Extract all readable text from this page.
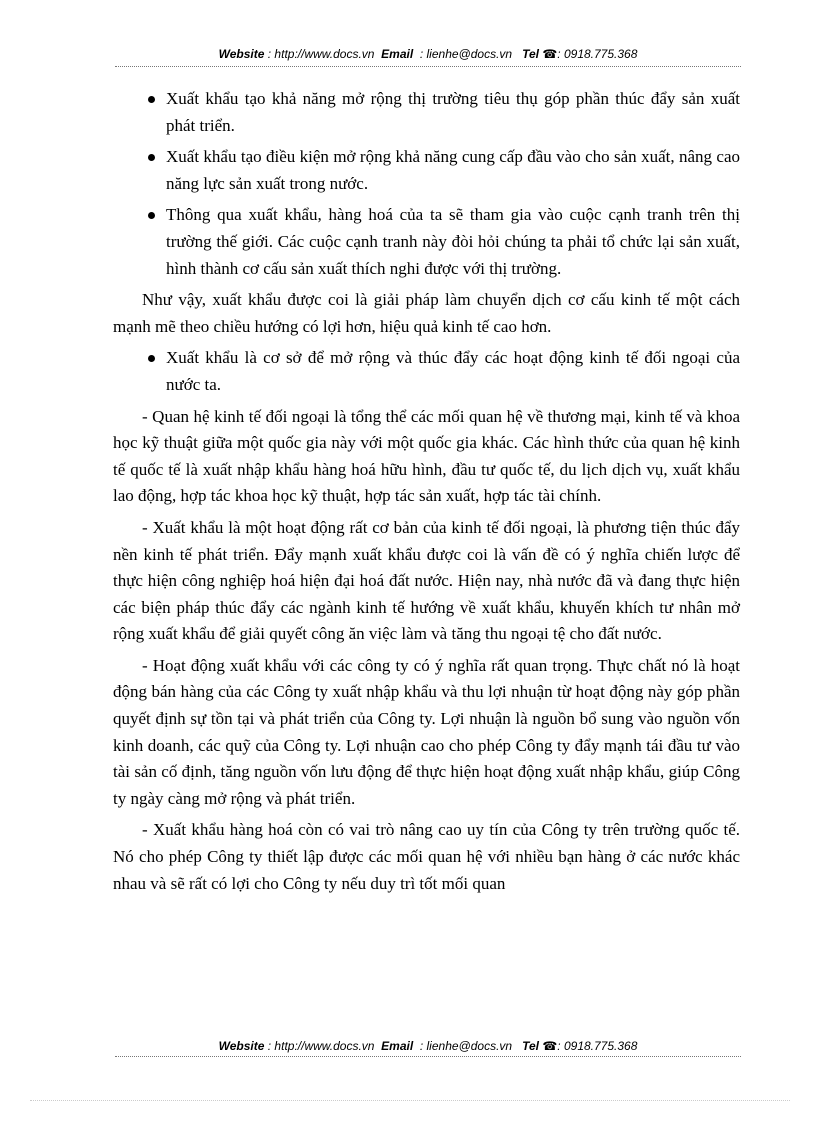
Website : http://www.docs.vn Email : lienhe@docs.vn Tel ☎: 0918.775.368
Xuất khẩu tạo khả năng mở rộng thị trường tiêu thụ góp phần thúc đẩy sản xuất phát triển.
Xuất khẩu tạo điều kiện mở rộng khả năng cung cấp đầu vào cho sản xuất, nâng cao năng lực sản xuất trong nước.
Thông qua xuất khẩu, hàng hoá của ta sẽ tham gia vào cuộc cạnh tranh trên thị trường thế giới. Các cuộc cạnh tranh này đòi hỏi chúng ta phải tổ chức lại sản xuất, hình thành cơ cấu sản xuất thích nghi được với thị trường.

Như vậy, xuất khẩu được coi là giải pháp làm chuyển dịch cơ cấu kinh tế một cách mạnh mẽ theo chiều hướng có lợi hơn, hiệu quả kinh tế cao hơn.

Xuất khẩu là cơ sở để mở rộng và thúc đẩy các hoạt động kinh tế đối ngoại của nước ta.

- Quan hệ kinh tế đối ngoại là tổng thể các mối quan hệ về thương mại, kinh tế và khoa học kỹ thuật giữa một quốc gia này với một quốc gia khác. Các hình thức của quan hệ kinh tế quốc tế là xuất nhập khẩu hàng hoá hữu hình, đầu tư quốc tế, du lịch dịch vụ, xuất khẩu lao động, hợp tác khoa học kỹ thuật, hợp tác sản xuất, hợp tác tài chính.

- Xuất khẩu là một hoạt động rất cơ bản của kinh tế đối ngoại, là phương tiện thúc đẩy nền kinh tế phát triển. Đẩy mạnh xuất khẩu được coi là vấn đề có ý nghĩa chiến lược để thực hiện công nghiệp hoá hiện đại hoá đất nước. Hiện nay, nhà nước đã và đang thực hiện các biện pháp thúc đẩy các ngành kinh tế hướng về xuất khẩu, khuyến khích tư nhân mở rộng xuất khẩu để giải quyết công ăn việc làm và tăng thu ngoại tệ cho đất nước.

- Hoạt động xuất khẩu với các công ty có ý nghĩa rất quan trọng. Thực chất nó là hoạt động bán hàng của các Công ty xuất nhập khẩu và thu lợi nhuận từ hoạt động này góp phần quyết định sự tồn tại và phát triển của Công ty. Lợi nhuận là nguồn bổ sung vào nguồn vốn kinh doanh, các quỹ của Công ty. Lợi nhuận cao cho phép Công ty đẩy mạnh tái đầu tư vào tài sản cố định, tăng nguồn vốn lưu động để thực hiện hoạt động xuất nhập khẩu, giúp Công ty ngày càng mở rộng và phát triển.

- Xuất khẩu hàng hoá còn có vai trò nâng cao uy tín của Công ty trên trường quốc tế. Nó cho phép Công ty thiết lập được các mối quan hệ với nhiều bạn hàng ở các nước khác nhau và sẽ rất có lợi cho Công ty nếu duy trì tốt mối quan

Website : http://www.docs.vn Email : lienhe@docs.vn Tel ☎: 0918.775.368
